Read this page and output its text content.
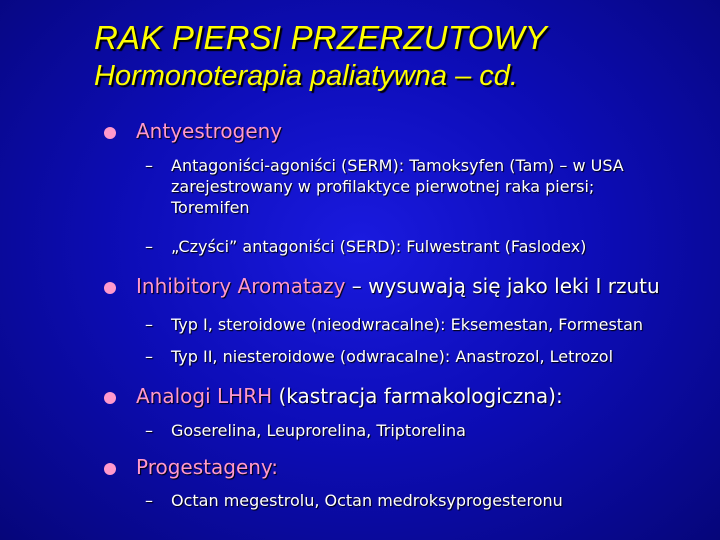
RAK PIERSI PRZERZUTOWY
Hormonoterapia paliatywna – cd.
Antyestrogeny
–	Antagoniści-agoniści (SERM): Tamoksyfen (Tam) – w USA
zarejestrowany w profilaktyce pierwotnej raka piersi;
Toremifen
–	„Czyści” antagoniści (SERD): Fulwestrant (Faslodex)
Inhibitory Aromatazy – wysuwają się jako leki I rzutu
–	Typ I, steroidowe (nieodwracalne): Eksemestan, Formestan
–	Typ II, niesteroidowe (odwracalne): Anastrozol, Letrozol
Analogi LHRH (kastracja farmakologiczna):
–	Goserelina, Leuprorelina, Triptorelina
Progestageny:
–	Octan megestrolu, Octan medroksyprogesteronu
